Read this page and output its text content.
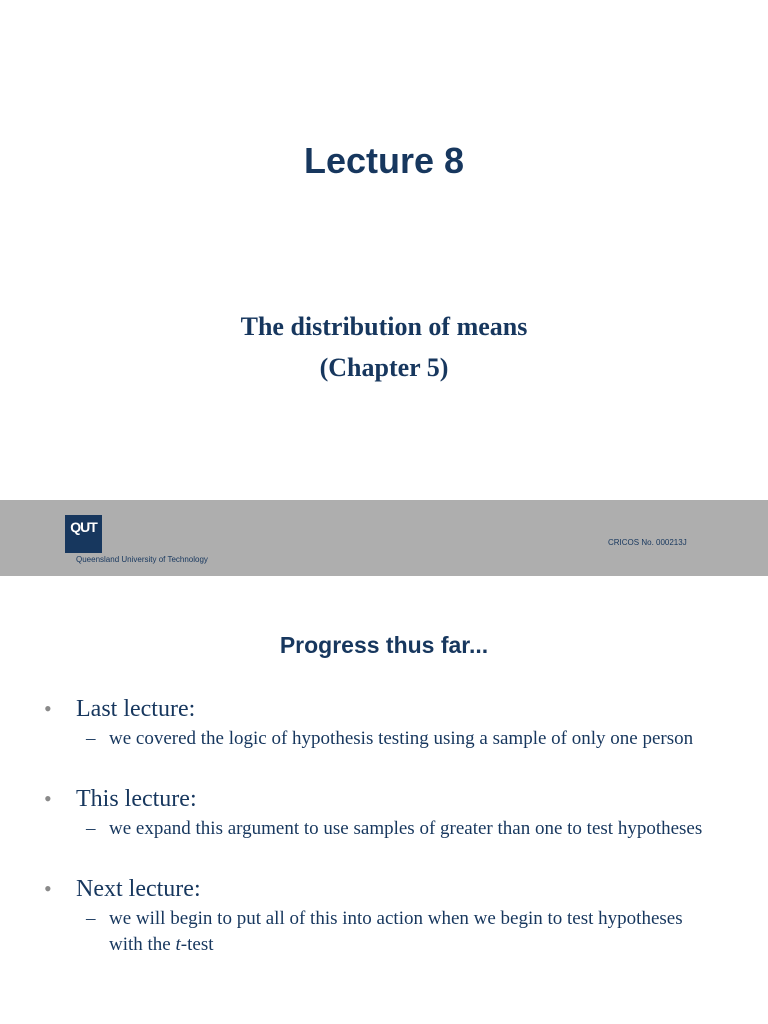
Lecture 8
The distribution of means
(Chapter 5)
QUT
Queensland University of Technology
CRICOS No. 000213J
Progress thus far...
• Last lecture:
– we covered the logic of hypothesis testing using a sample of only one person
• This lecture:
– we expand this argument to use samples of greater than one to test hypotheses
• Next lecture:
– we will begin to put all of this into action when we begin to test hypotheses with the t-test
